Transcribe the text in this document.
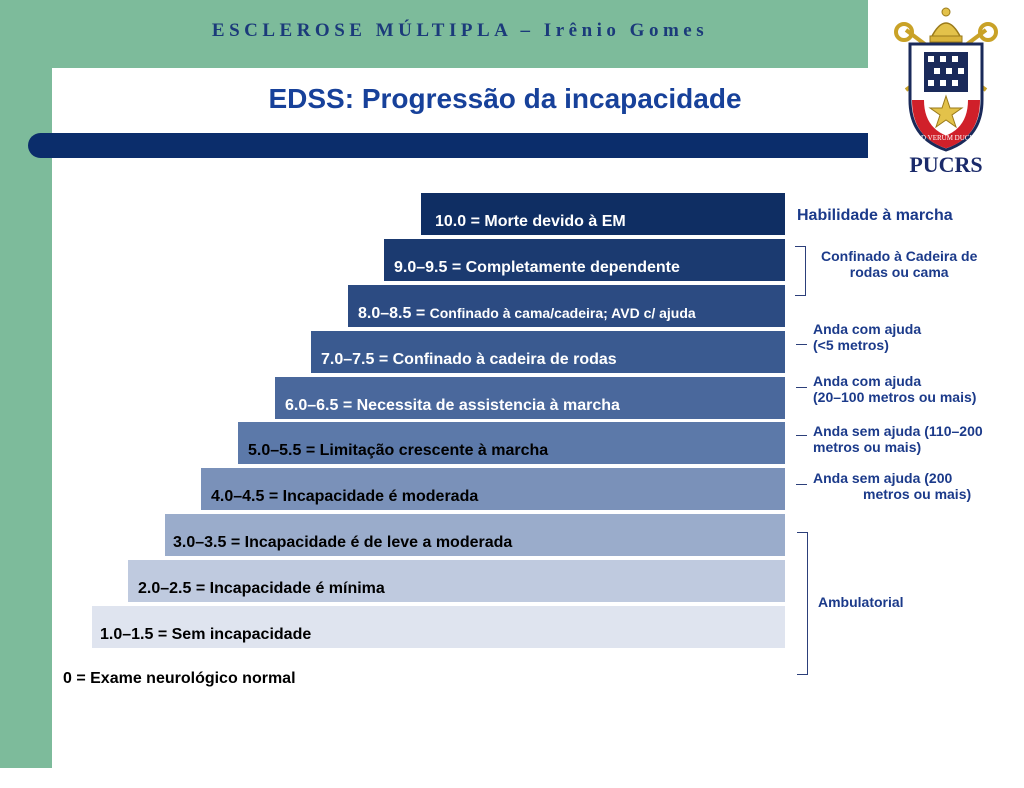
ESCLEROSE MÚLTIPLA – Irênio Gomes
EDSS: Progressão da incapacidade
AD VERUM DUCIT
PUCRS
10.0 = Morte devido à EM
9.0–9.5 = Completamente dependente
8.0–8.5 = Confinado à cama/cadeira; AVD c/ ajuda
7.0–7.5 = Confinado à cadeira de rodas
6.0–6.5 = Necessita de assistencia à marcha
5.0–5.5 = Limitação crescente à marcha
4.0–4.5 = Incapacidade é moderada
3.0–3.5 = Incapacidade é de leve a moderada
2.0–2.5 = Incapacidade é mínima
1.0–1.5 = Sem incapacidade
0 = Exame neurológico normal
Habilidade à marcha
Confinado à Cadeira de
rodas ou cama
Anda com ajuda
(<5 metros)
Anda com ajuda
(20–100 metros ou mais)
Anda sem ajuda (110–200
metros ou mais)
Anda sem ajuda (200
metros ou mais)
Ambulatorial
